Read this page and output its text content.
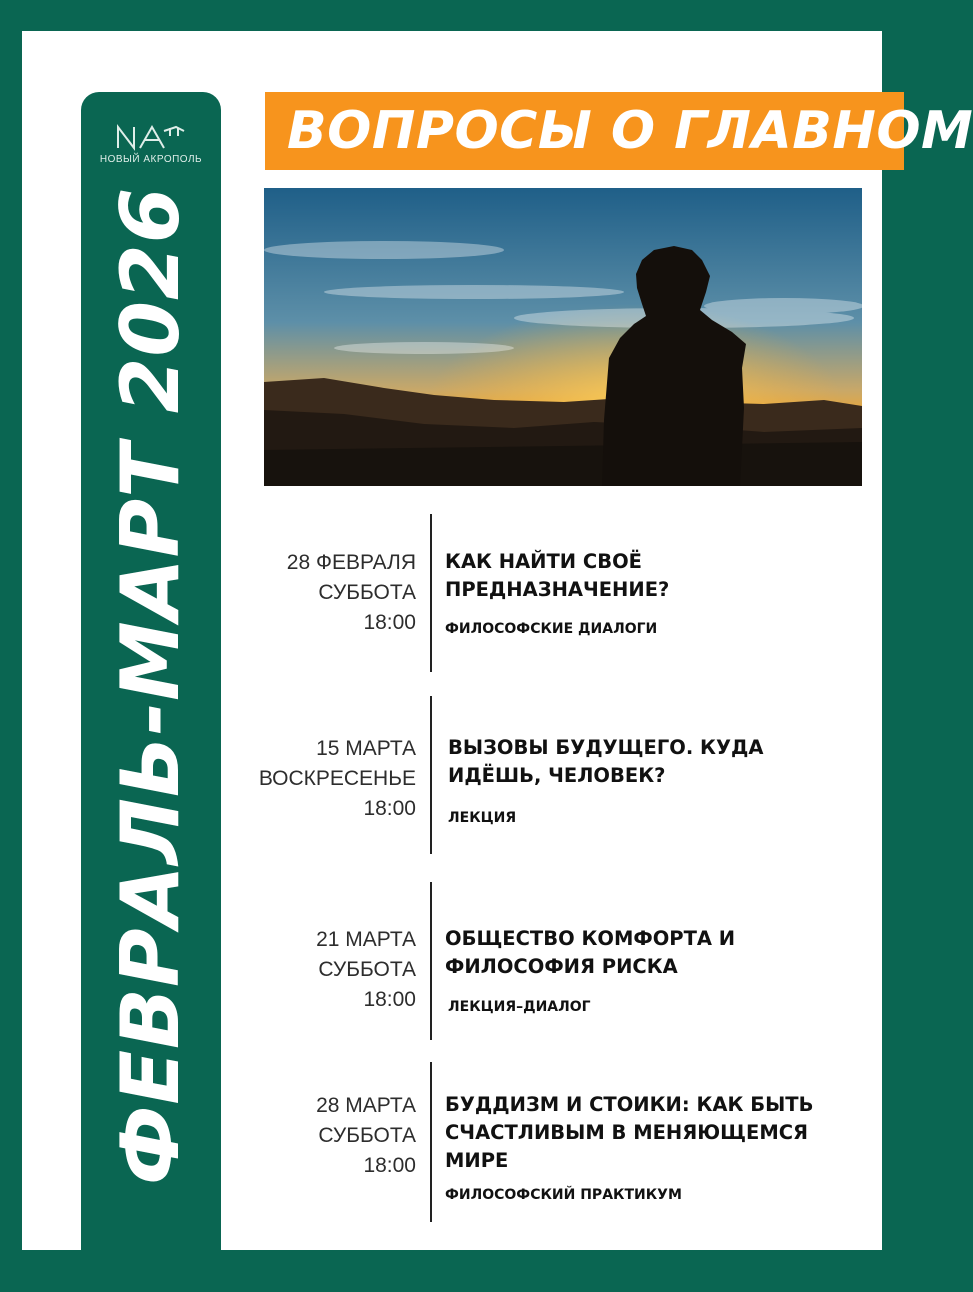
НОВЫЙ АКРОПОЛЬ
ФЕВРАЛЬ-МАРТ 2026
ВОПРОСЫ О ГЛАВНОМ
28 ФЕВРАЛЯ
СУББОТА
18:00
КАК НАЙТИ СВОЁ
ПРЕДНАЗНАЧЕНИЕ?
ФИЛОСОФСКИЕ ДИАЛОГИ
15 МАРТА
ВОСКРЕСЕНЬЕ
18:00
ВЫЗОВЫ БУДУЩЕГО. КУДА
ИДЁШЬ, ЧЕЛОВЕК?
ЛЕКЦИЯ
21 МАРТА
СУББОТА
18:00
ОБЩЕСТВО КОМФОРТА И
ФИЛОСОФИЯ РИСКА
ЛЕКЦИЯ–ДИАЛОГ
28 МАРТА
СУББОТА
18:00
БУДДИЗМ И СТОИКИ: КАК БЫТЬ
СЧАСТЛИВЫМ В МЕНЯЮЩЕМСЯ
МИРЕ
ФИЛОСОФСКИЙ ПРАКТИКУМ
